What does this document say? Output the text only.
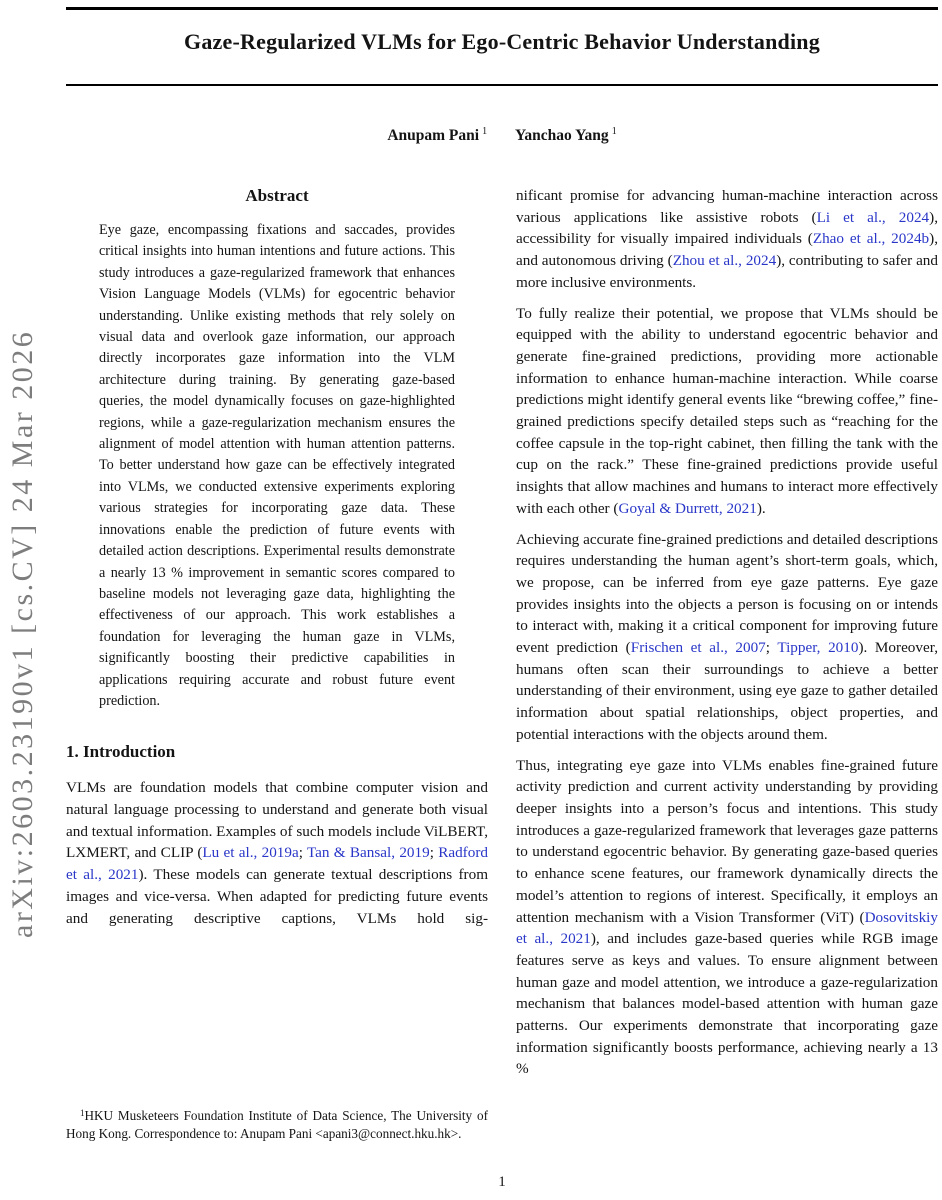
arXiv:2603.23190v1 [cs.CV] 24 Mar 2026
Gaze-Regularized VLMs for Ego-Centric Behavior Understanding
Anupam Pani $^1$ Yanchao Yang $^1$
Abstract

Eye gaze, encompassing fixations and saccades, provides critical insights into human intentions and future actions. This study introduces a gaze-regularized framework that enhances Vision Language Models (VLMs) for egocentric behavior understanding. Unlike existing methods that rely solely on visual data and overlook gaze information, our approach directly incorporates gaze information into the VLM architecture during training. By generating gaze-based queries, the model dynamically focuses on gaze-highlighted regions, while a gaze-regularization mechanism ensures the alignment of model attention with human attention patterns. To better understand how gaze can be effectively integrated into VLMs, we conducted extensive experiments exploring various strategies for incorporating gaze data. These innovations enable the prediction of future events with detailed action descriptions. Experimental results demonstrate a nearly 13 % improvement in semantic scores compared to baseline models not leveraging gaze data, highlighting the effectiveness of our approach. This work establishes a foundation for leveraging the human gaze in VLMs, significantly boosting their predictive capabilities in applications requiring accurate and robust future event prediction.

1. Introduction

VLMs are foundation models that combine computer vision and natural language processing to understand and generate both visual and textual information. Examples of such models include ViLBERT, LXMERT, and CLIP (Lu et al., 2019a; Tan & Bansal, 2019; Radford et al., 2021). These models can generate textual descriptions from images and vice-versa. When adapted for predicting future events and generating descriptive captions, VLMs hold sig-

$^1$HKU Musketeers Foundation Institute of Data Science, The University of Hong Kong. Correspondence to: Anupam Pani <apani3@connect.hku.hk>.

nificant promise for advancing human-machine interaction across various applications like assistive robots (Li et al., 2024), accessibility for visually impaired individuals (Zhao et al., 2024b), and autonomous driving (Zhou et al., 2024), contributing to safer and more inclusive environments.

To fully realize their potential, we propose that VLMs should be equipped with the ability to understand egocentric behavior and generate fine-grained predictions, providing more actionable information to enhance human-machine interaction. While coarse predictions might identify general events like “brewing coffee,” fine-grained predictions specify detailed steps such as “reaching for the coffee capsule in the top-right cabinet, then filling the tank with the cup on the rack.” These fine-grained predictions provide useful insights that allow machines and humans to interact more effectively with each other (Goyal & Durrett, 2021).

Achieving accurate fine-grained predictions and detailed descriptions requires understanding the human agent’s short-term goals, which, we propose, can be inferred from eye gaze patterns. Eye gaze provides insights into the objects a person is focusing on or intends to interact with, making it a critical component for improving future event prediction (Frischen et al., 2007; Tipper, 2010). Moreover, humans often scan their surroundings to achieve a better understanding of their environment, using eye gaze to gather detailed information about spatial relationships, object properties, and potential interactions with the objects around them.

Thus, integrating eye gaze into VLMs enables fine-grained future activity prediction and current activity understanding by providing deeper insights into a person’s focus and intentions. This study introduces a gaze-regularized framework that leverages gaze patterns to understand egocentric behavior. By generating gaze-based queries to enhance scene features, our framework dynamically directs the model’s attention to regions of interest. Specifically, it employs an attention mechanism with a Vision Transformer (ViT) (Dosovitskiy et al., 2021), and includes gaze-based queries while RGB image features serve as keys and values. To ensure alignment between human gaze and model attention, we introduce a gaze-regularization mechanism that balances model-based attention with human gaze patterns. Our experiments demonstrate that incorporating gaze information significantly boosts performance, achieving nearly a 13 %

1
